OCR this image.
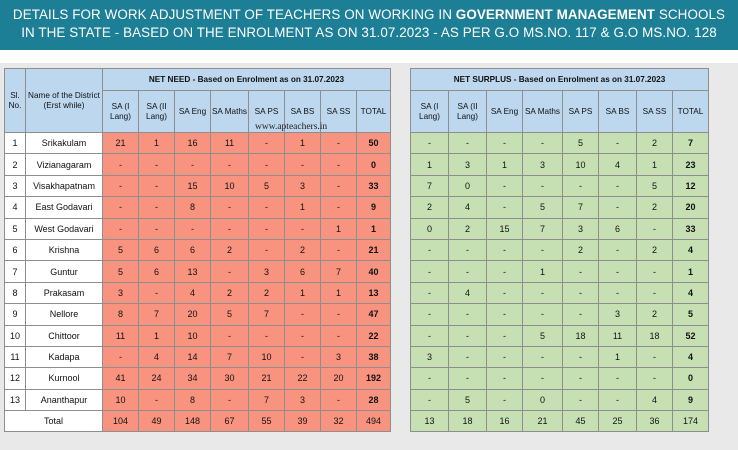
DETAILS FOR WORK ADJUSTMENT OF TEACHERS ON WORKING IN GOVERNMENT MANAGEMENT SCHOOLS IN THE STATE - BASED ON THE ENROLMENT AS ON 31.07.2023 - AS PER G.O MS.NO. 117 & G.O MS.NO. 128
Sl. No.	Name of the District (Erst while)	NET NEED - Based on Enrolment as on 31.07.2023							
		SA (I Lang)	SA (II Lang)	SA Eng	SA Maths	SA PS	SA BS	SA SS	TOTAL
1	Srikakulam	21	1	16	11	-	1	-	50
2	Vizianagaram	-	-	-	-	-	-	-	0
3	Visakhapatnam	-	-	15	10	5	3	-	33
4	East Godavari	-	-	8	-	-	1	-	9
5	West Godavari	-	-	-	-	-	-	1	1
6	Krishna	5	6	6	2	-	2	-	21
7	Guntur	5	6	13	-	3	6	7	40
8	Prakasam	3	-	4	2	2	1	1	13
9	Nellore	8	7	20	5	7	-	-	47
10	Chittoor	11	1	10	-	-	-	-	22
11	Kadapa	-	4	14	7	10	-	3	38
12	Kurnool	41	24	34	30	21	22	20	192
13	Ananthapur	10	-	8	-	7	3	-	28
Total		104	49	148	67	55	39	32	494
NET SURPLUS - Based on Enrolment as on 31.07.2023							
SA (I Lang)	SA (II Lang)	SA Eng	SA Maths	SA PS	SA BS	SA SS	TOTAL
-	-	-	-	5	-	2	7
1	3	1	3	10	4	1	23
7	0	-	-	-	-	5	12
2	4	-	5	7	-	2	20
0	2	15	7	3	6	-	33
-	-	-	-	2	-	2	4
-	-	-	1	-	-	-	1
-	4	-	-	-	-	-	4
-	-	-	-	-	3	2	5
-	-	-	5	18	11	18	52
3	-	-	-	-	1	-	4
-	-	-	-	-	-	-	0
-	5	-	0	-	-	4	9
13	18	16	21	45	25	36	174
www.apteachers.in
